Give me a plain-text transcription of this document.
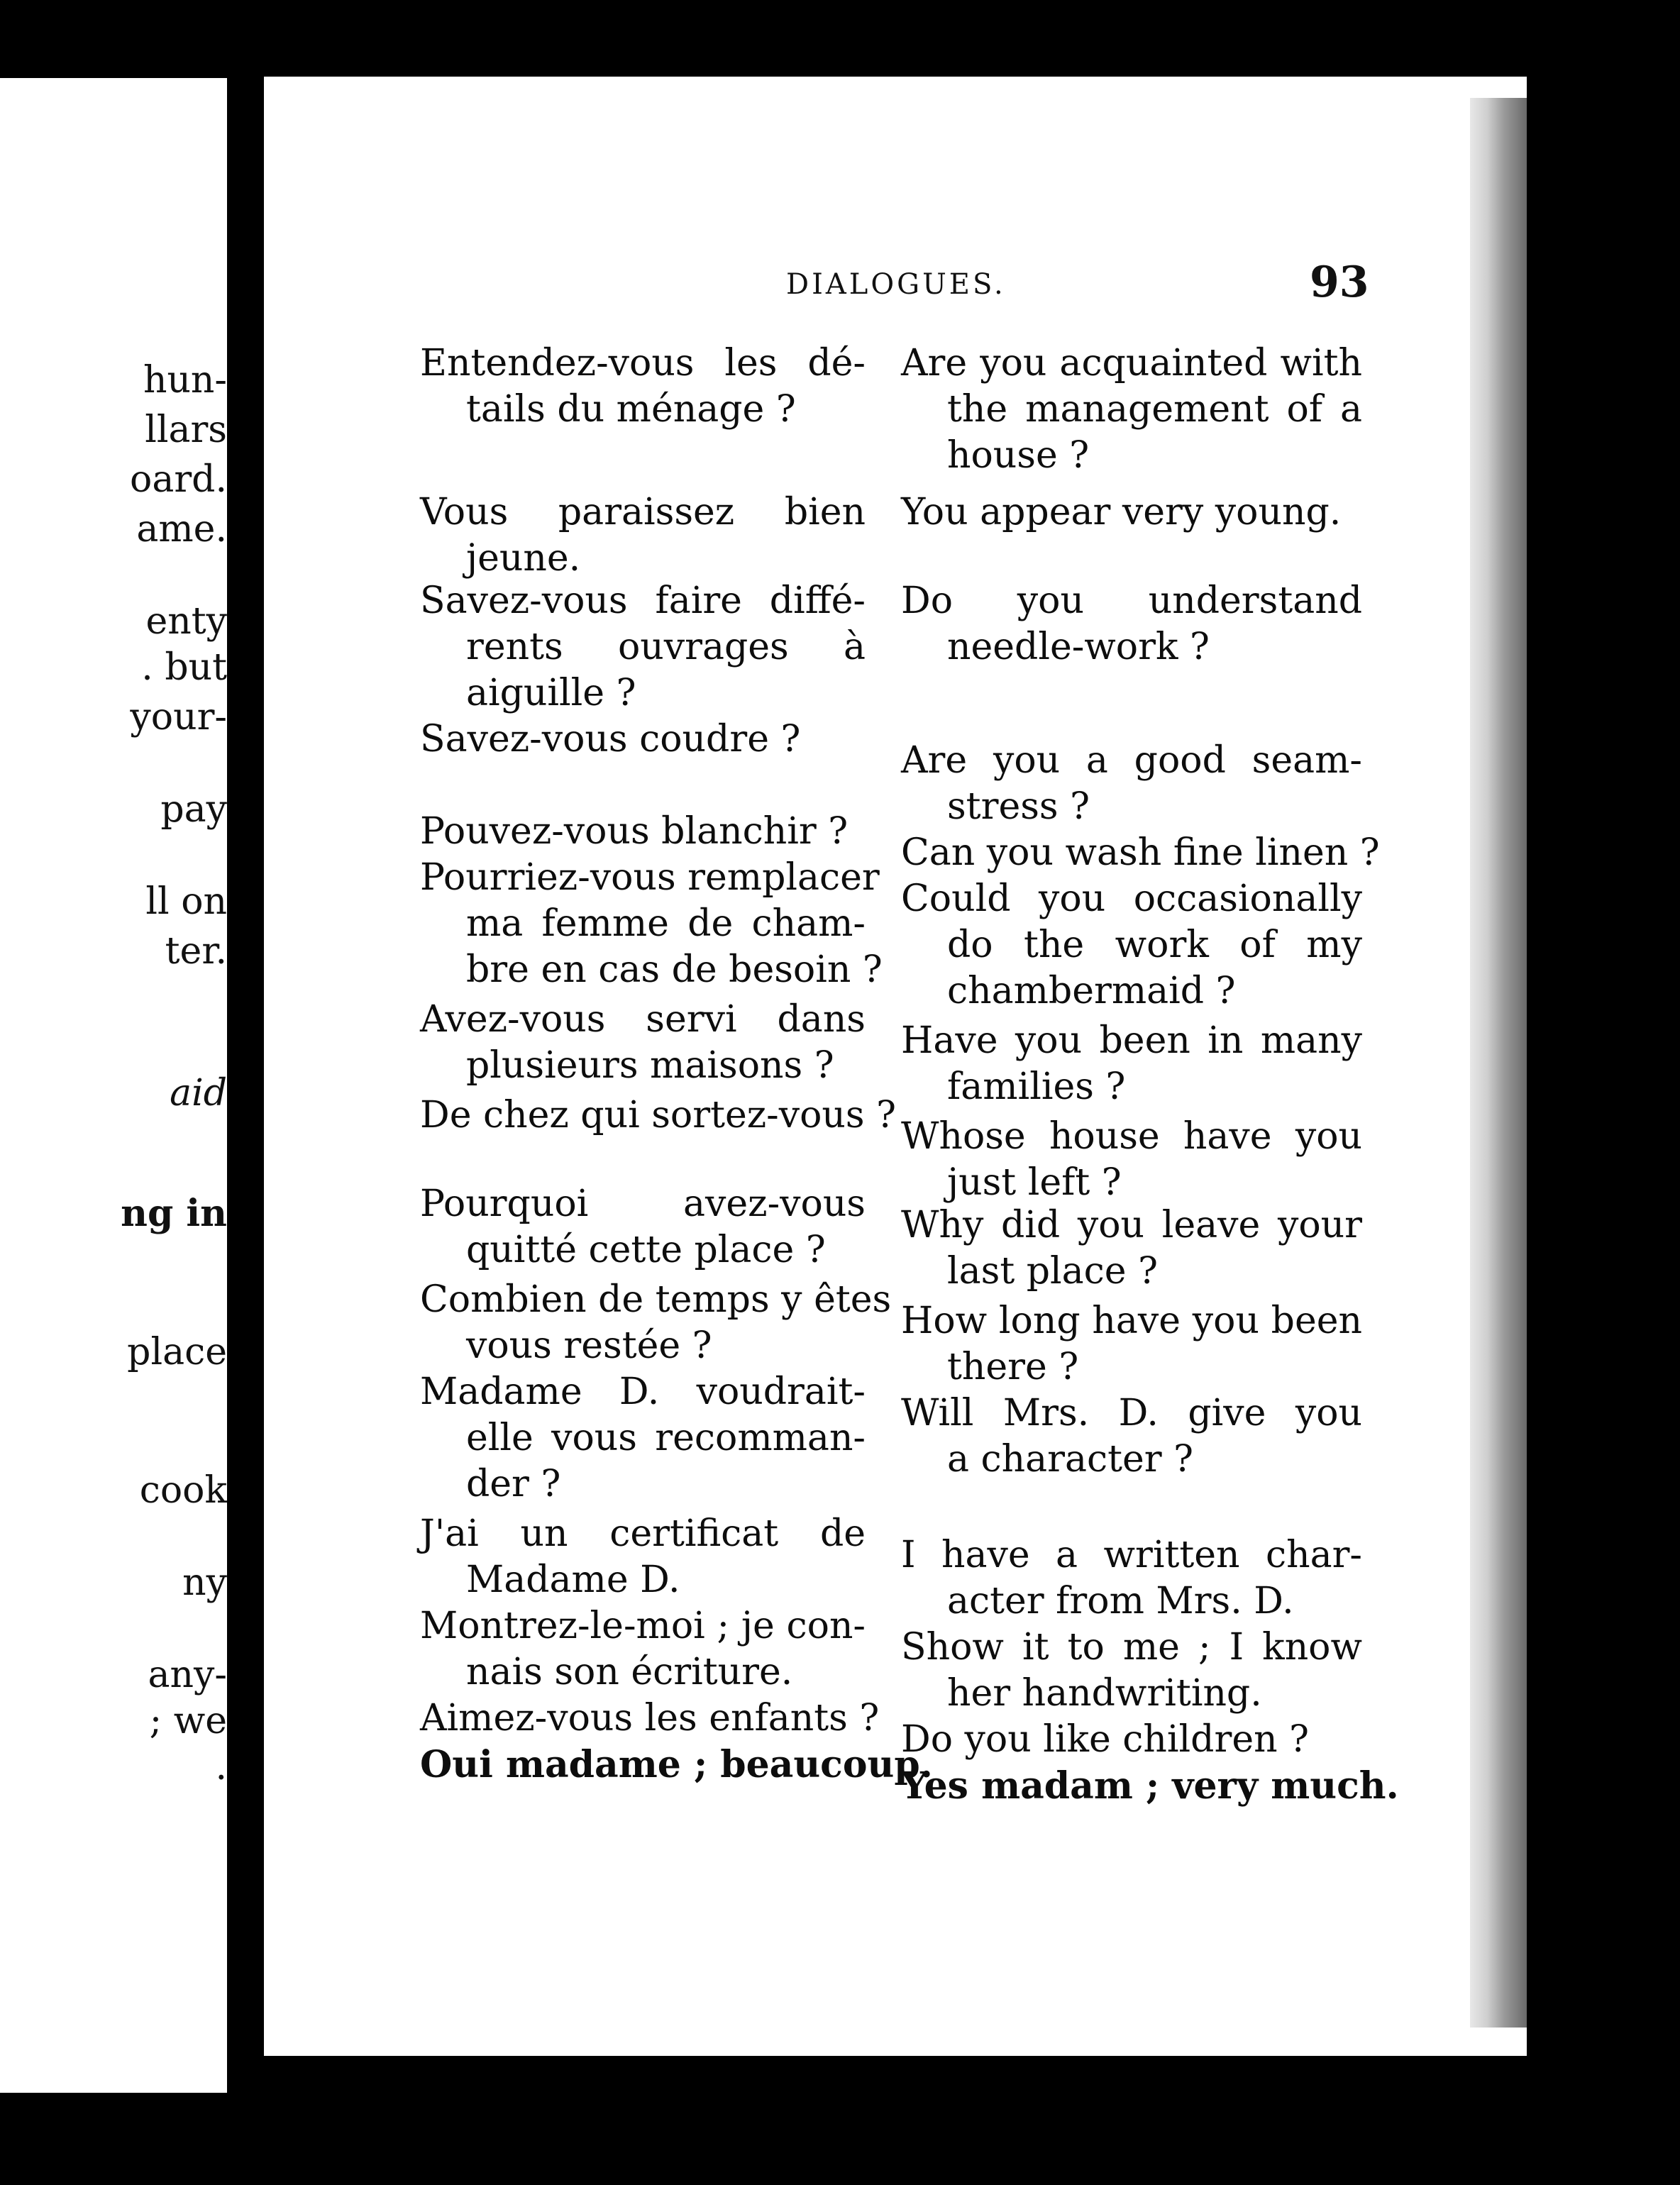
hun-
llars
oard.
ame.
enty
. but
your-
pay
ll on
ter.
aid
ng in
place
cook
ny
any-
; we
.
DIALOGUES.	93
Entendez-vous les dé-
tails du ménage ?
Vous paraissez bien
jeune.
Savez-vous faire diffé-
rents ouvrages à
aiguille ?
Savez-vous coudre ?
Pouvez-vous blanchir ?
Pourriez-vous remplacer
ma femme de cham-
bre en cas de besoin ?
Avez-vous servi dans
plusieurs maisons ?
De chez qui sortez-vous ?
Pourquoi avez-vous
quitté cette place ?
Combien de temps y êtes
vous restée ?
Madame D. voudrait-
elle vous recomman-
der ?
J'ai un certificat de
Madame D.
Montrez-le-moi ; je con-
nais son écriture.
Aimez-vous les enfants ?
Oui madame ; beaucoup.
Are you acquainted with
the management of a
house ?
You appear very young.
Do you understand
needle-work ?
Are you a good seam-
stress ?
Can you wash fine linen ?
Could you occasionally
do the work of my
chambermaid ?
Have you been in many
families ?
Whose house have you
just left ?
Why did you leave your
last place ?
How long have you been
there ?
Will Mrs. D. give you
a character ?
I have a written char-
acter from Mrs. D.
Show it to me ; I know
her handwriting.
Do you like children ?
Yes madam ; very much.
